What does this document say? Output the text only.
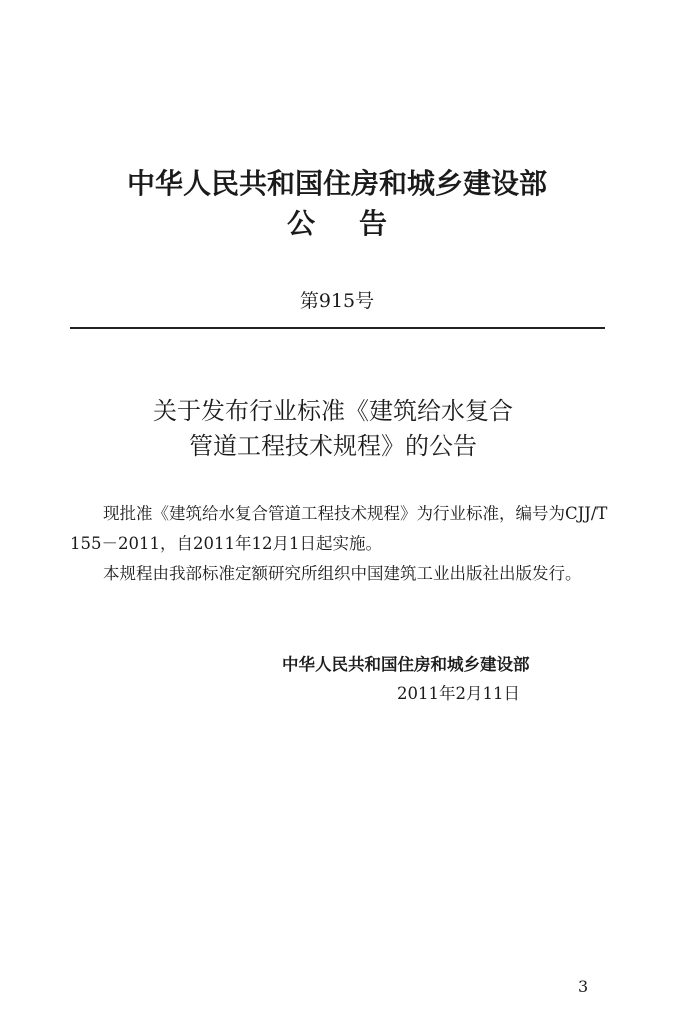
中华人民共和国住房和城乡建设部
公告
第915号
关于发布行业标准《建筑给水复合
管道工程技术规程》的公告
现批准《建筑给水复合管道工程技术规程》为行业标准，编号为CJJ/T 155－2011，自2011年12月1日起实施。
本规程由我部标准定额研究所组织中国建筑工业出版社出版发行。
中华人民共和国住房和城乡建设部
2011年2月11日
3
